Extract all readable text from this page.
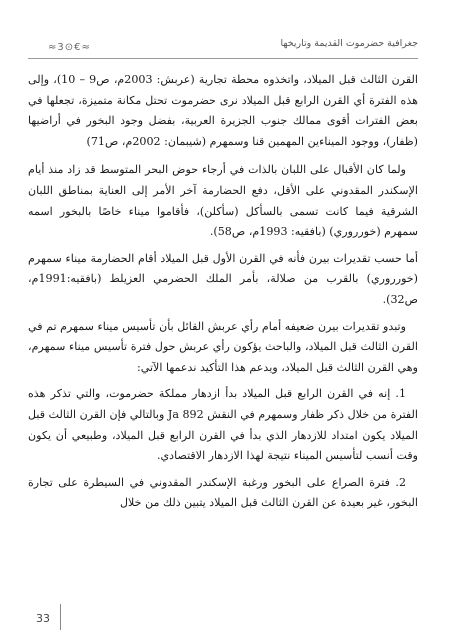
جغرافية حضرموت القديمة وتاريخها
≈3⊙€≈

القرن الثالث قبل الميلاد، واتخذوه محطة تجارية (عربش: 2003م، ص9 – 10)، وإلى هذه الفترة أي القرن الرابع قبل الميلاد نرى حضرموت تحتل مكانة متميزة، تجعلها في بعض الفترات أقوى ممالك جنوب الجزيرة العربية، بفضل وجود البخور في أراضيها (ظفار)، ووجود الميناءين المهمين قنا وسمهرم (شيبمان: 2002م، ص71)

ولما كان الأقبال على اللبان بالذات في أرجاء حوض البحر المتوسط قد زاد منذ أيام الإسكندر المقدوني على الأقل، دفع الحضارمة آخر الأمر إلى العناية بمناطق اللبان الشرقية فيما كانت تسمى بالسأكل (سأكلن)، فأقاموا ميناء خاصًا بالبخور اسمه سمهرم (خورروري) (بافقيه: 1993م، ص58).

أما حسب تقديرات بيرن فأنه في القرن الأول قبل الميلاد أقام الحضارمة ميناء سمهرم (خورروري) بالقرب من صلالة، بأمر الملك الحضرمي العزيلط (بافقيه:1991م، ص32).

وتبدو تقديرات بيرن ضعيفه أمام رأي عربش القائل بأن تأسيس ميناء سمهرم تم في القرن الثالث قبل الميلاد، والباحث يؤكون رأي عربش حول فترة تأسيس ميناء سمهرم، وهي القرن الثالث قبل الميلاد، ويدعم هذا التأكيد ندعمها الآتي:

1. إنه في القرن الرابع قبل الميلاد بدأ ازدهار مملكة حضرموت، والتي تذكر هذه الفترة من خلال ذكر ظفار وسمهرم في النقش Ja 892 وبالتالي فإن القرن الثالث قبل الميلاد يكون امتداد للازدهار الذي بدأ في القرن الرابع قبل الميلاد، وطبيعي أن يكون وقت أنسب لتأسيس الميناء نتيجة لهذا الازدهار الاقتصادي.

2. فترة الصراع على البخور ورغبة الإسكندر المقدوني في السيطرة على تجارة البخور، غير بعيدة عن القرن الثالث قبل الميلاد يتبين ذلك من خلال

33
